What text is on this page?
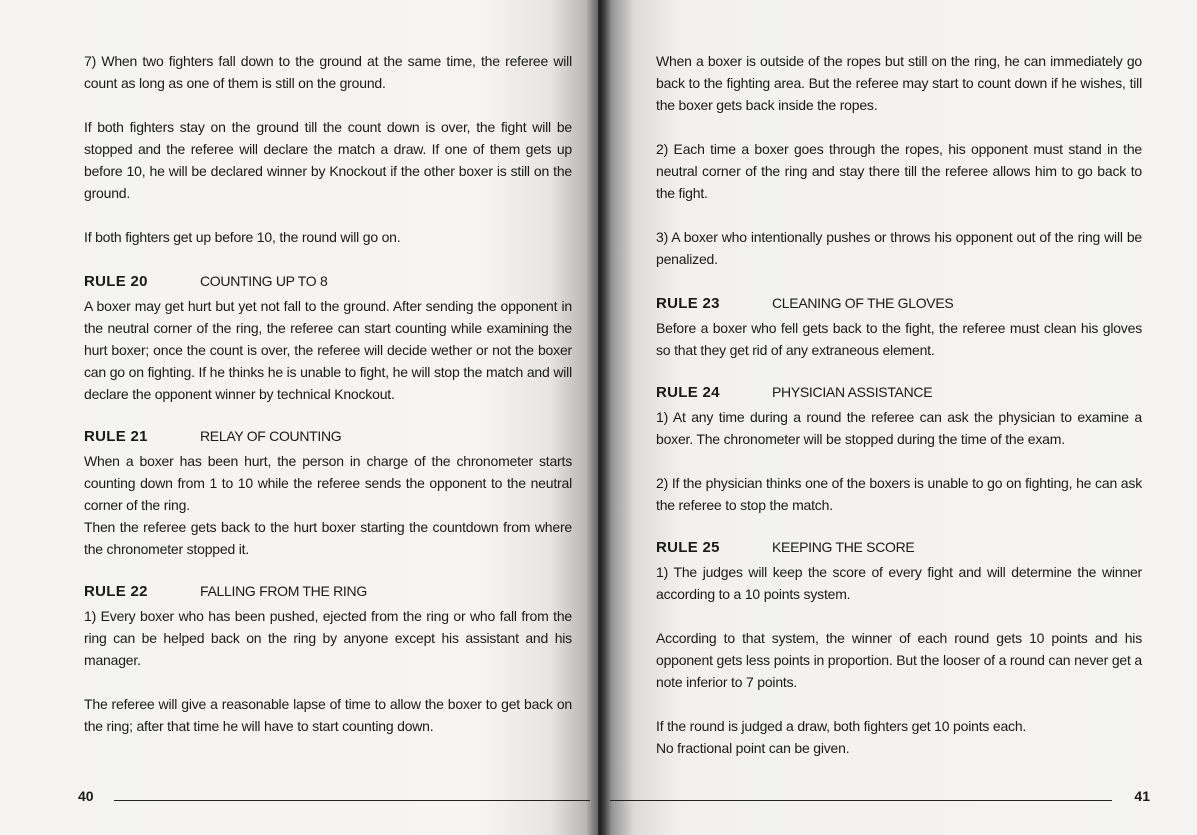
7) When two fighters fall down to the ground at the same time, the referee will count as long as one of them is still on the ground.

If both fighters stay on the ground till the count down is over, the fight will be stopped and the referee will declare the match a draw. If one of them gets up before 10, he will be declared winner by Knockout if the other boxer is still on the ground.

If both fighters get up before 10, the round will go on.

RULE 20	COUNTING UP TO 8

A boxer may get hurt but yet not fall to the ground. After sending the opponent in the neutral corner of the ring, the referee can start counting while examining the hurt boxer; once the count is over, the referee will decide wether or not the boxer can go on fighting. If he thinks he is unable to fight, he will stop the match and will declare the opponent winner by technical Knockout.

RULE 21	RELAY OF COUNTING

When a boxer has been hurt, the person in charge of the chronometer starts counting down from 1 to 10 while the referee sends the opponent to the neutral corner of the ring.

Then the referee gets back to the hurt boxer starting the countdown from where the chronometer stopped it.

RULE 22	FALLING FROM THE RING

1) Every boxer who has been pushed, ejected from the ring or who fall from the ring can be helped back on the ring by anyone except his assistant and his manager.

The referee will give a reasonable lapse of time to allow the boxer to get back on the ring; after that time he will have to start counting down.

40

When a boxer is outside of the ropes but still on the ring, he can immediately go back to the fighting area. But the referee may start to count down if he wishes, till the boxer gets back inside the ropes.

2) Each time a boxer goes through the ropes, his opponent must stand in the neutral corner of the ring and stay there till the referee allows him to go back to the fight.

3) A boxer who intentionally pushes or throws his opponent out of the ring will be penalized.

RULE 23	CLEANING OF THE GLOVES

Before a boxer who fell gets back to the fight, the referee must clean his gloves so that they get rid of any extraneous element.

RULE 24	PHYSICIAN ASSISTANCE

1) At any time during a round the referee can ask the physician to examine a boxer. The chronometer will be stopped during the time of the exam.

2) If the physician thinks one of the boxers is unable to go on fighting, he can ask the referee to stop the match.

RULE 25	KEEPING THE SCORE

1) The judges will keep the score of every fight and will determine the winner according to a 10 points system.

According to that system, the winner of each round gets 10 points and his opponent gets less points in proportion. But the looser of a round can never get a note inferior to 7 points.

If the round is judged a draw, both fighters get 10 points each.

No fractional point can be given.

41
